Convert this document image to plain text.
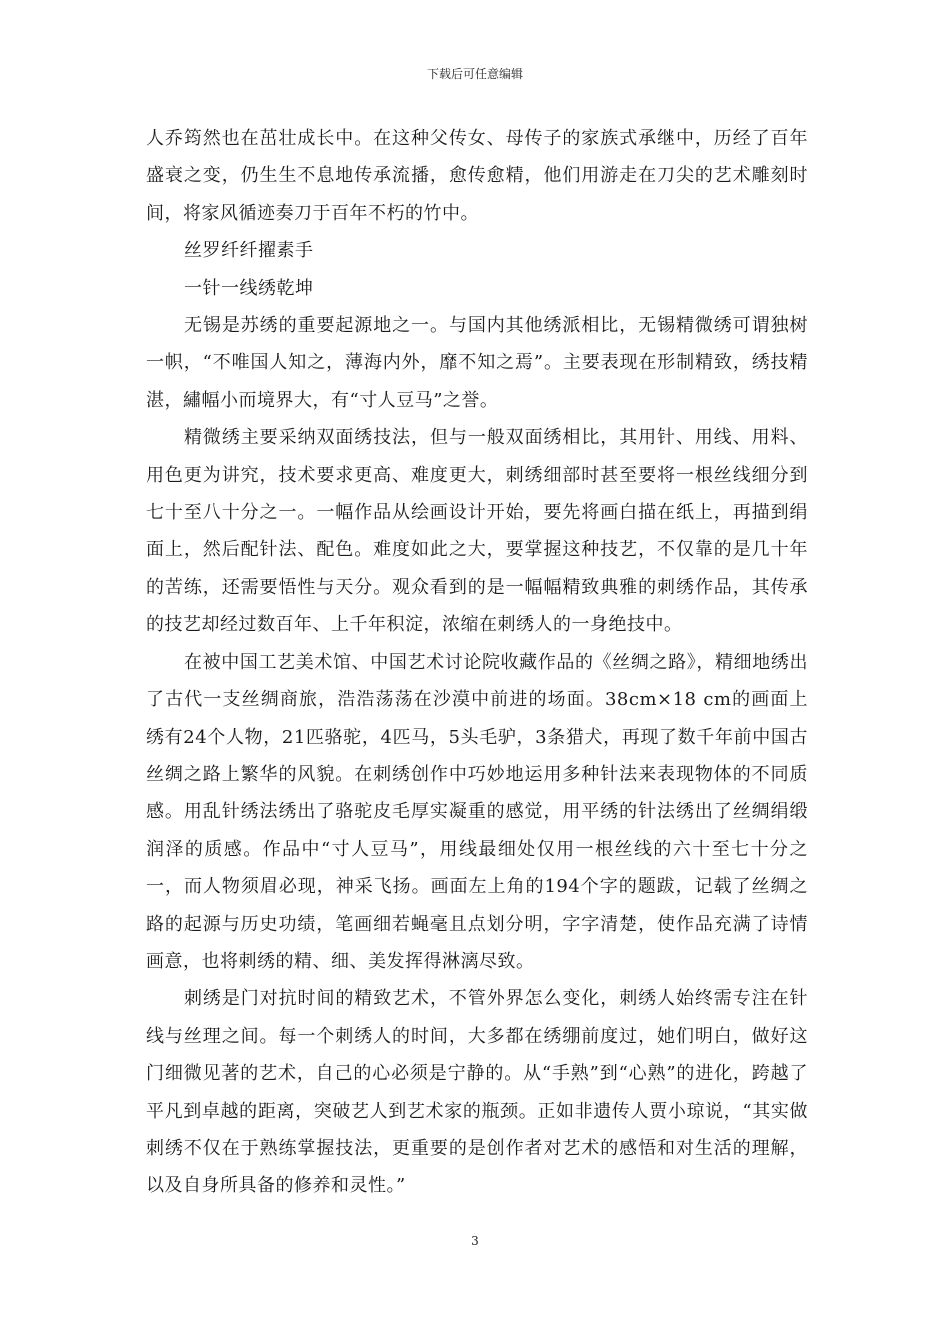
下载后可任意编辑

人乔筠然也在茁壮成长中。在这种父传女、母传子的家族式承继中，历经了百年盛衰之变，仍生生不息地传承流播，愈传愈精，他们用游走在刀尖的艺术雕刻时间，将家风循迹奏刀于百年不朽的竹中。

丝罗纤纤擢素手

一针一线绣乾坤

无锡是苏绣的重要起源地之一。与国内其他绣派相比，无锡精微绣可谓独树一帜，“不唯国人知之，薄海内外，靡不知之焉”。主要表现在形制精致，绣技精湛，繡幅小而境界大，有“寸人豆马”之誉。

精微绣主要采纳双面绣技法，但与一般双面绣相比，其用针、用线、用料、用色更为讲究，技术要求更高、难度更大，刺绣细部时甚至要将一根丝线细分到七十至八十分之一。一幅作品从绘画设计开始，要先将画白描在纸上，再描到绢面上，然后配针法、配色。难度如此之大，要掌握这种技艺，不仅靠的是几十年的苦练，还需要悟性与天分。观众看到的是一幅幅精致典雅的刺绣作品，其传承的技艺却经过数百年、上千年积淀，浓缩在刺绣人的一身绝技中。

在被中国工艺美术馆、中国艺术讨论院收藏作品的《丝绸之路》，精细地绣出了古代一支丝绸商旅，浩浩荡荡在沙漠中前进的场面。38cm×18 cm的画面上绣有24个人物，21匹骆驼，4匹马，5头毛驴，3条猎犬，再现了数千年前中国古丝绸之路上繁华的风貌。在刺绣创作中巧妙地运用多种针法来表现物体的不同质感。用乱针绣法绣出了骆驼皮毛厚实凝重的感觉，用平绣的针法绣出了丝绸绢缎润泽的质感。作品中“寸人豆马”，用线最细处仅用一根丝线的六十至七十分之一，而人物须眉必现，神采飞扬。画面左上角的194个字的题跋，记载了丝绸之路的起源与历史功绩，笔画细若蝇毫且点划分明，字字清楚，使作品充满了诗情画意，也将刺绣的精、细、美发挥得淋漓尽致。

刺绣是门对抗时间的精致艺术，不管外界怎么变化，刺绣人始终需专注在针线与丝理之间。每一个刺绣人的时间，大多都在绣绷前度过，她们明白，做好这门细微见著的艺术，自己的心必须是宁静的。从“手熟”到“心熟”的进化，跨越了平凡到卓越的距离，突破艺人到艺术家的瓶颈。正如非遗传人贾小琼说，“其实做刺绣不仅在于熟练掌握技法，更重要的是创作者对艺术的感悟和对生活的理解，以及自身所具备的修养和灵性。”

3
